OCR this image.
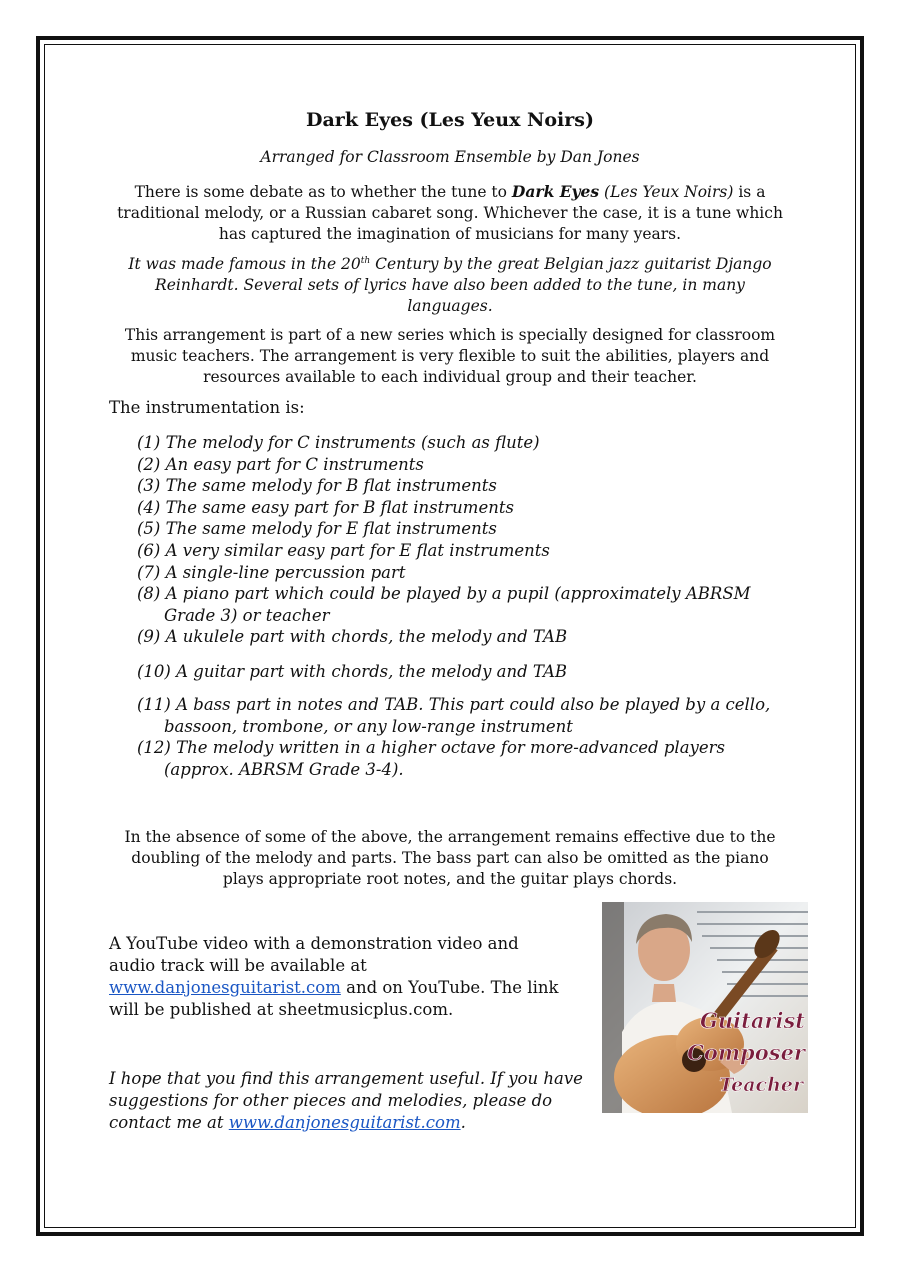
Dark Eyes (Les Yeux Noirs)
Arranged for Classroom Ensemble by Dan Jones
There is some debate as to whether the tune to Dark Eyes (Les Yeux Noirs) is a traditional melody, or a Russian cabaret song. Whichever the case, it is a tune which has captured the imagination of musicians for many years.
It was made famous in the 20th Century by the great Belgian jazz guitarist Django Reinhardt. Several sets of lyrics have also been added to the tune, in many languages.
This arrangement is part of a new series which is specially designed for classroom music teachers. The arrangement is very flexible to suit the abilities, players and resources available to each individual group and their teacher.
The instrumentation is:
(1) The melody for C instruments (such as flute)
(2) An easy part for C instruments
(3) The same melody for B flat instruments
(4) The same easy part for B flat instruments
(5) The same melody for E flat instruments
(6) A very similar easy part for E flat instruments
(7) A single-line percussion part
(8) A piano part which could be played by a pupil (approximately ABRSM Grade 3) or teacher
(9) A ukulele part with chords, the melody and TAB
(10) A guitar part with chords, the melody and TAB
(11) A bass part in notes and TAB. This part could also be played by a cello, bassoon, trombone, or any low-range instrument
(12) The melody written in a higher octave for more-advanced players (approx. ABRSM Grade 3-4).
In the absence of some of the above, the arrangement remains effective due to the doubling of the melody and parts. The bass part can also be omitted as the piano plays appropriate root notes, and the guitar plays chords.
A YouTube video with a demonstration video and audio track will be available at www.danjonesguitarist.com and on YouTube. The link will be published at sheetmusicplus.com.
I hope that you find this arrangement useful. If you have suggestions for other pieces and melodies, please do contact me at www.danjonesguitarist.com.
Guitarist
Composer
Teacher
